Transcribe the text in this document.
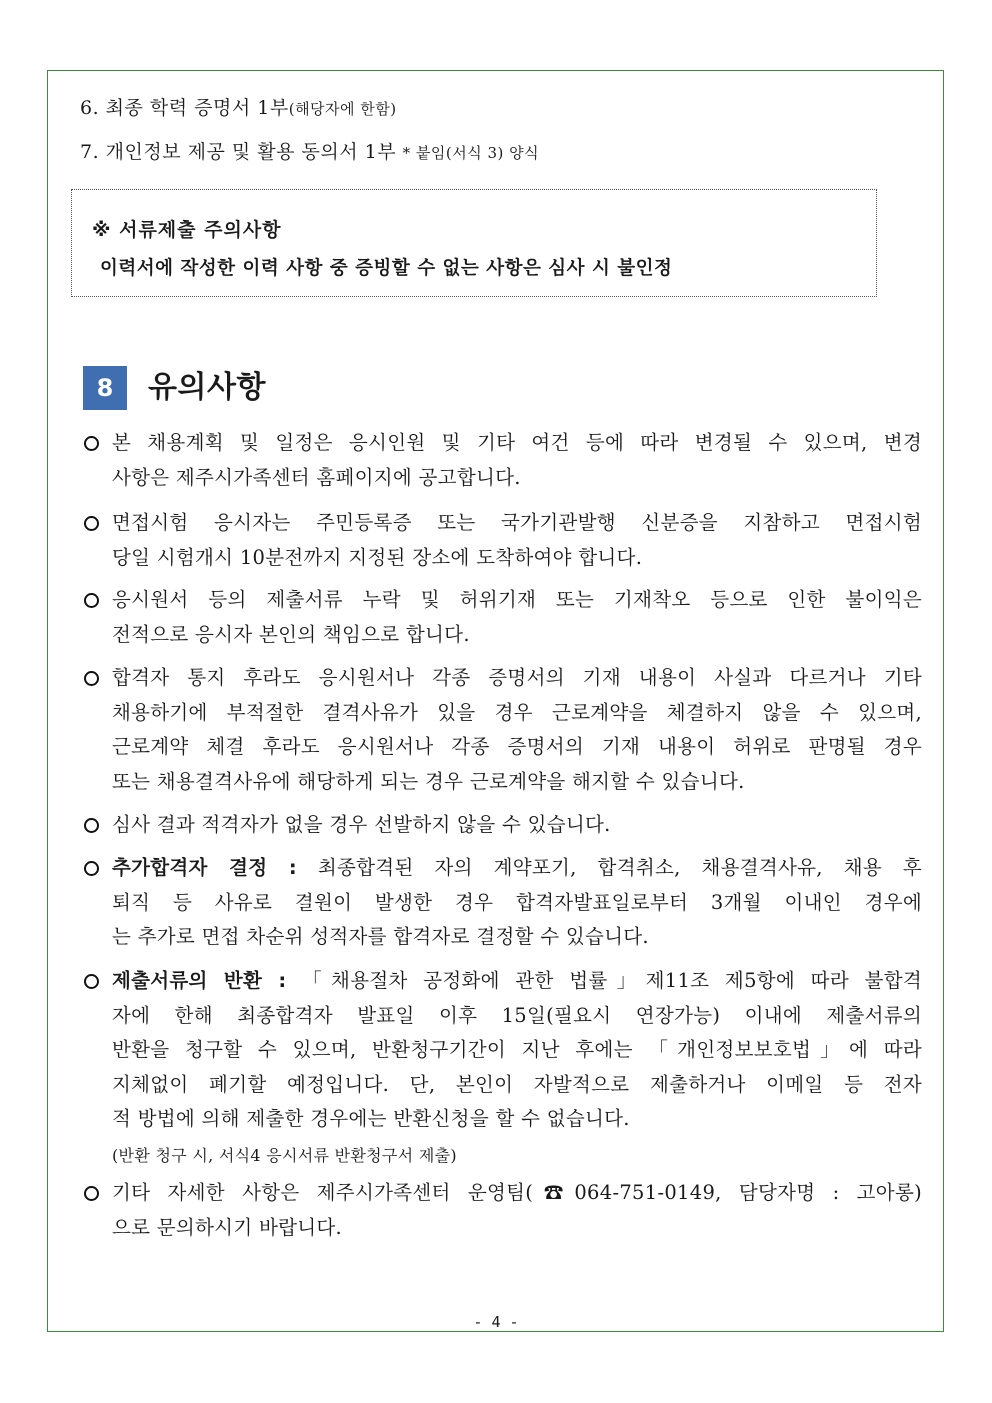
6. 최종 학력 증명서 1부(해당자에 한함)
7. 개인정보 제공 및 활용 동의서 1부 * 붙임(서식 3) 양식
※ 서류제출 주의사항
이력서에 작성한 이력 사항 중 증빙할 수 없는 사항은 심사 시 불인정
8	유의사항
본 채용계획 및 일정은 응시인원 및 기타 여건 등에 따라 변경될 수 있으며, 변경
사항은 제주시가족센터 홈페이지에 공고합니다.
면접시험 응시자는 주민등록증 또는 국가기관발행 신분증을 지참하고 면접시험
당일 시험개시 10분전까지 지정된 장소에 도착하여야 합니다.
응시원서 등의 제출서류 누락 및 허위기재 또는 기재착오 등으로 인한 불이익은
전적으로 응시자 본인의 책임으로 합니다.
합격자 통지 후라도 응시원서나 각종 증명서의 기재 내용이 사실과 다르거나 기타
채용하기에 부적절한 결격사유가 있을 경우 근로계약을 체결하지 않을 수 있으며,
근로계약 체결 후라도 응시원서나 각종 증명서의 기재 내용이 허위로 판명될 경우
또는 채용결격사유에 해당하게 되는 경우 근로계약을 해지할 수 있습니다.
심사 결과 적격자가 없을 경우 선발하지 않을 수 있습니다.
추가합격자 결정 : 최종합격된 자의 계약포기, 합격취소, 채용결격사유, 채용 후
퇴직 등 사유로 결원이 발생한 경우 합격자발표일로부터 3개월 이내인 경우에
는 추가로 면접 차순위 성적자를 합격자로 결정할 수 있습니다.
제출서류의 반환 : 「채용절차 공정화에 관한 법률」제11조 제5항에 따라 불합격
자에 한해 최종합격자 발표일 이후 15일(필요시 연장가능) 이내에 제출서류의
반환을 청구할 수 있으며, 반환청구기간이 지난 후에는 「개인정보보호법」에 따라
지체없이 폐기할 예정입니다. 단, 본인이 자발적으로 제출하거나 이메일 등 전자
적 방법에 의해 제출한 경우에는 반환신청을 할 수 없습니다.
(반환 청구 시, 서식4 응시서류 반환청구서 제출)
기타 자세한 사항은 제주시가족센터 운영팀(☎064-751-0149, 담당자명 : 고아롱)
으로 문의하시기 바랍니다.
- 4 -
